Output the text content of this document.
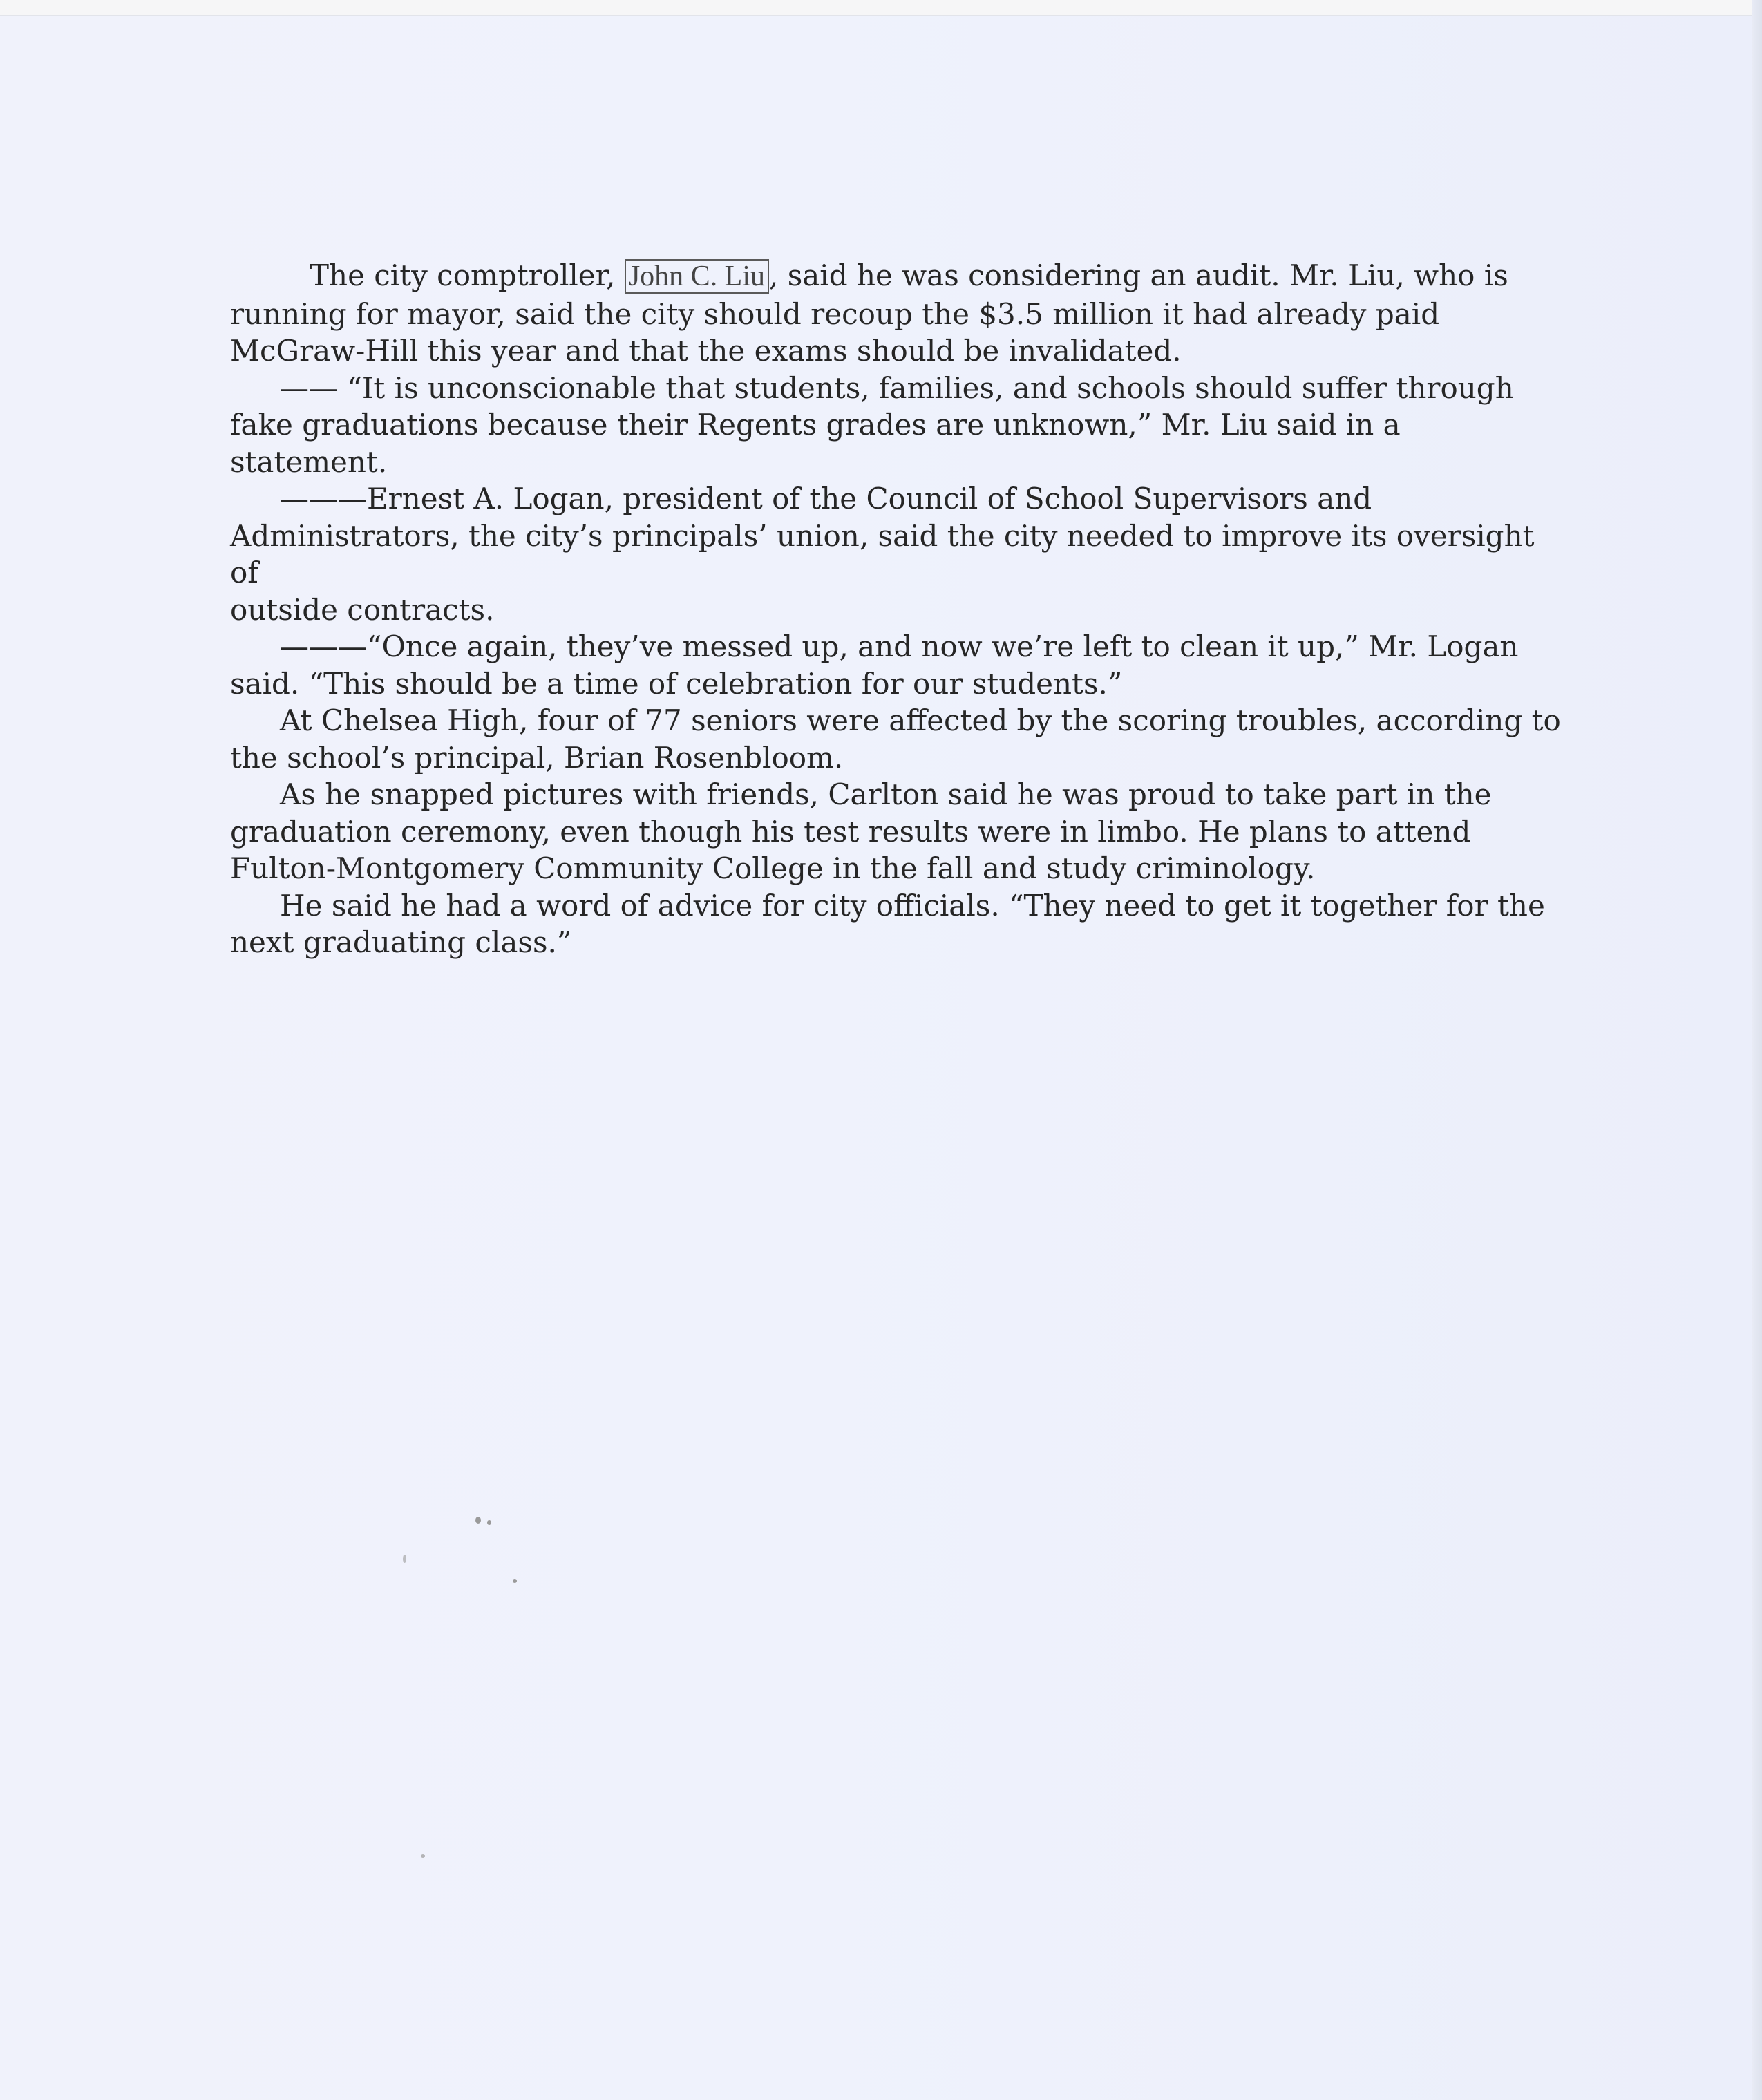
The city comptroller, John C. Liu , said he was considering an audit. Mr. Liu, who is
running for mayor, said the city should recoup the $3.5 million it had already paid
McGraw-Hill this year and that the exams should be invalidated.

—— “It is unconscionable that students, families, and schools should suffer through
fake graduations because their Regents grades are unknown,” Mr. Liu said in a statement.

———Ernest A. Logan, president of the Council of School Supervisors and
Administrators, the city’s principals’ union, said the city needed to improve its oversight of
outside contracts.

———“Once again, they’ve messed up, and now we’re left to clean it up,” Mr. Logan
said. “This should be a time of celebration for our students.”

At Chelsea High, four of 77 seniors were affected by the scoring troubles, according to
the school’s principal, Brian Rosenbloom.

As he snapped pictures with friends, Carlton said he was proud to take part in the
graduation ceremony, even though his test results were in limbo. He plans to attend
Fulton-Montgomery Community College in the fall and study criminology.

He said he had a word of advice for city officials. “They need to get it together for the
next graduating class.”
